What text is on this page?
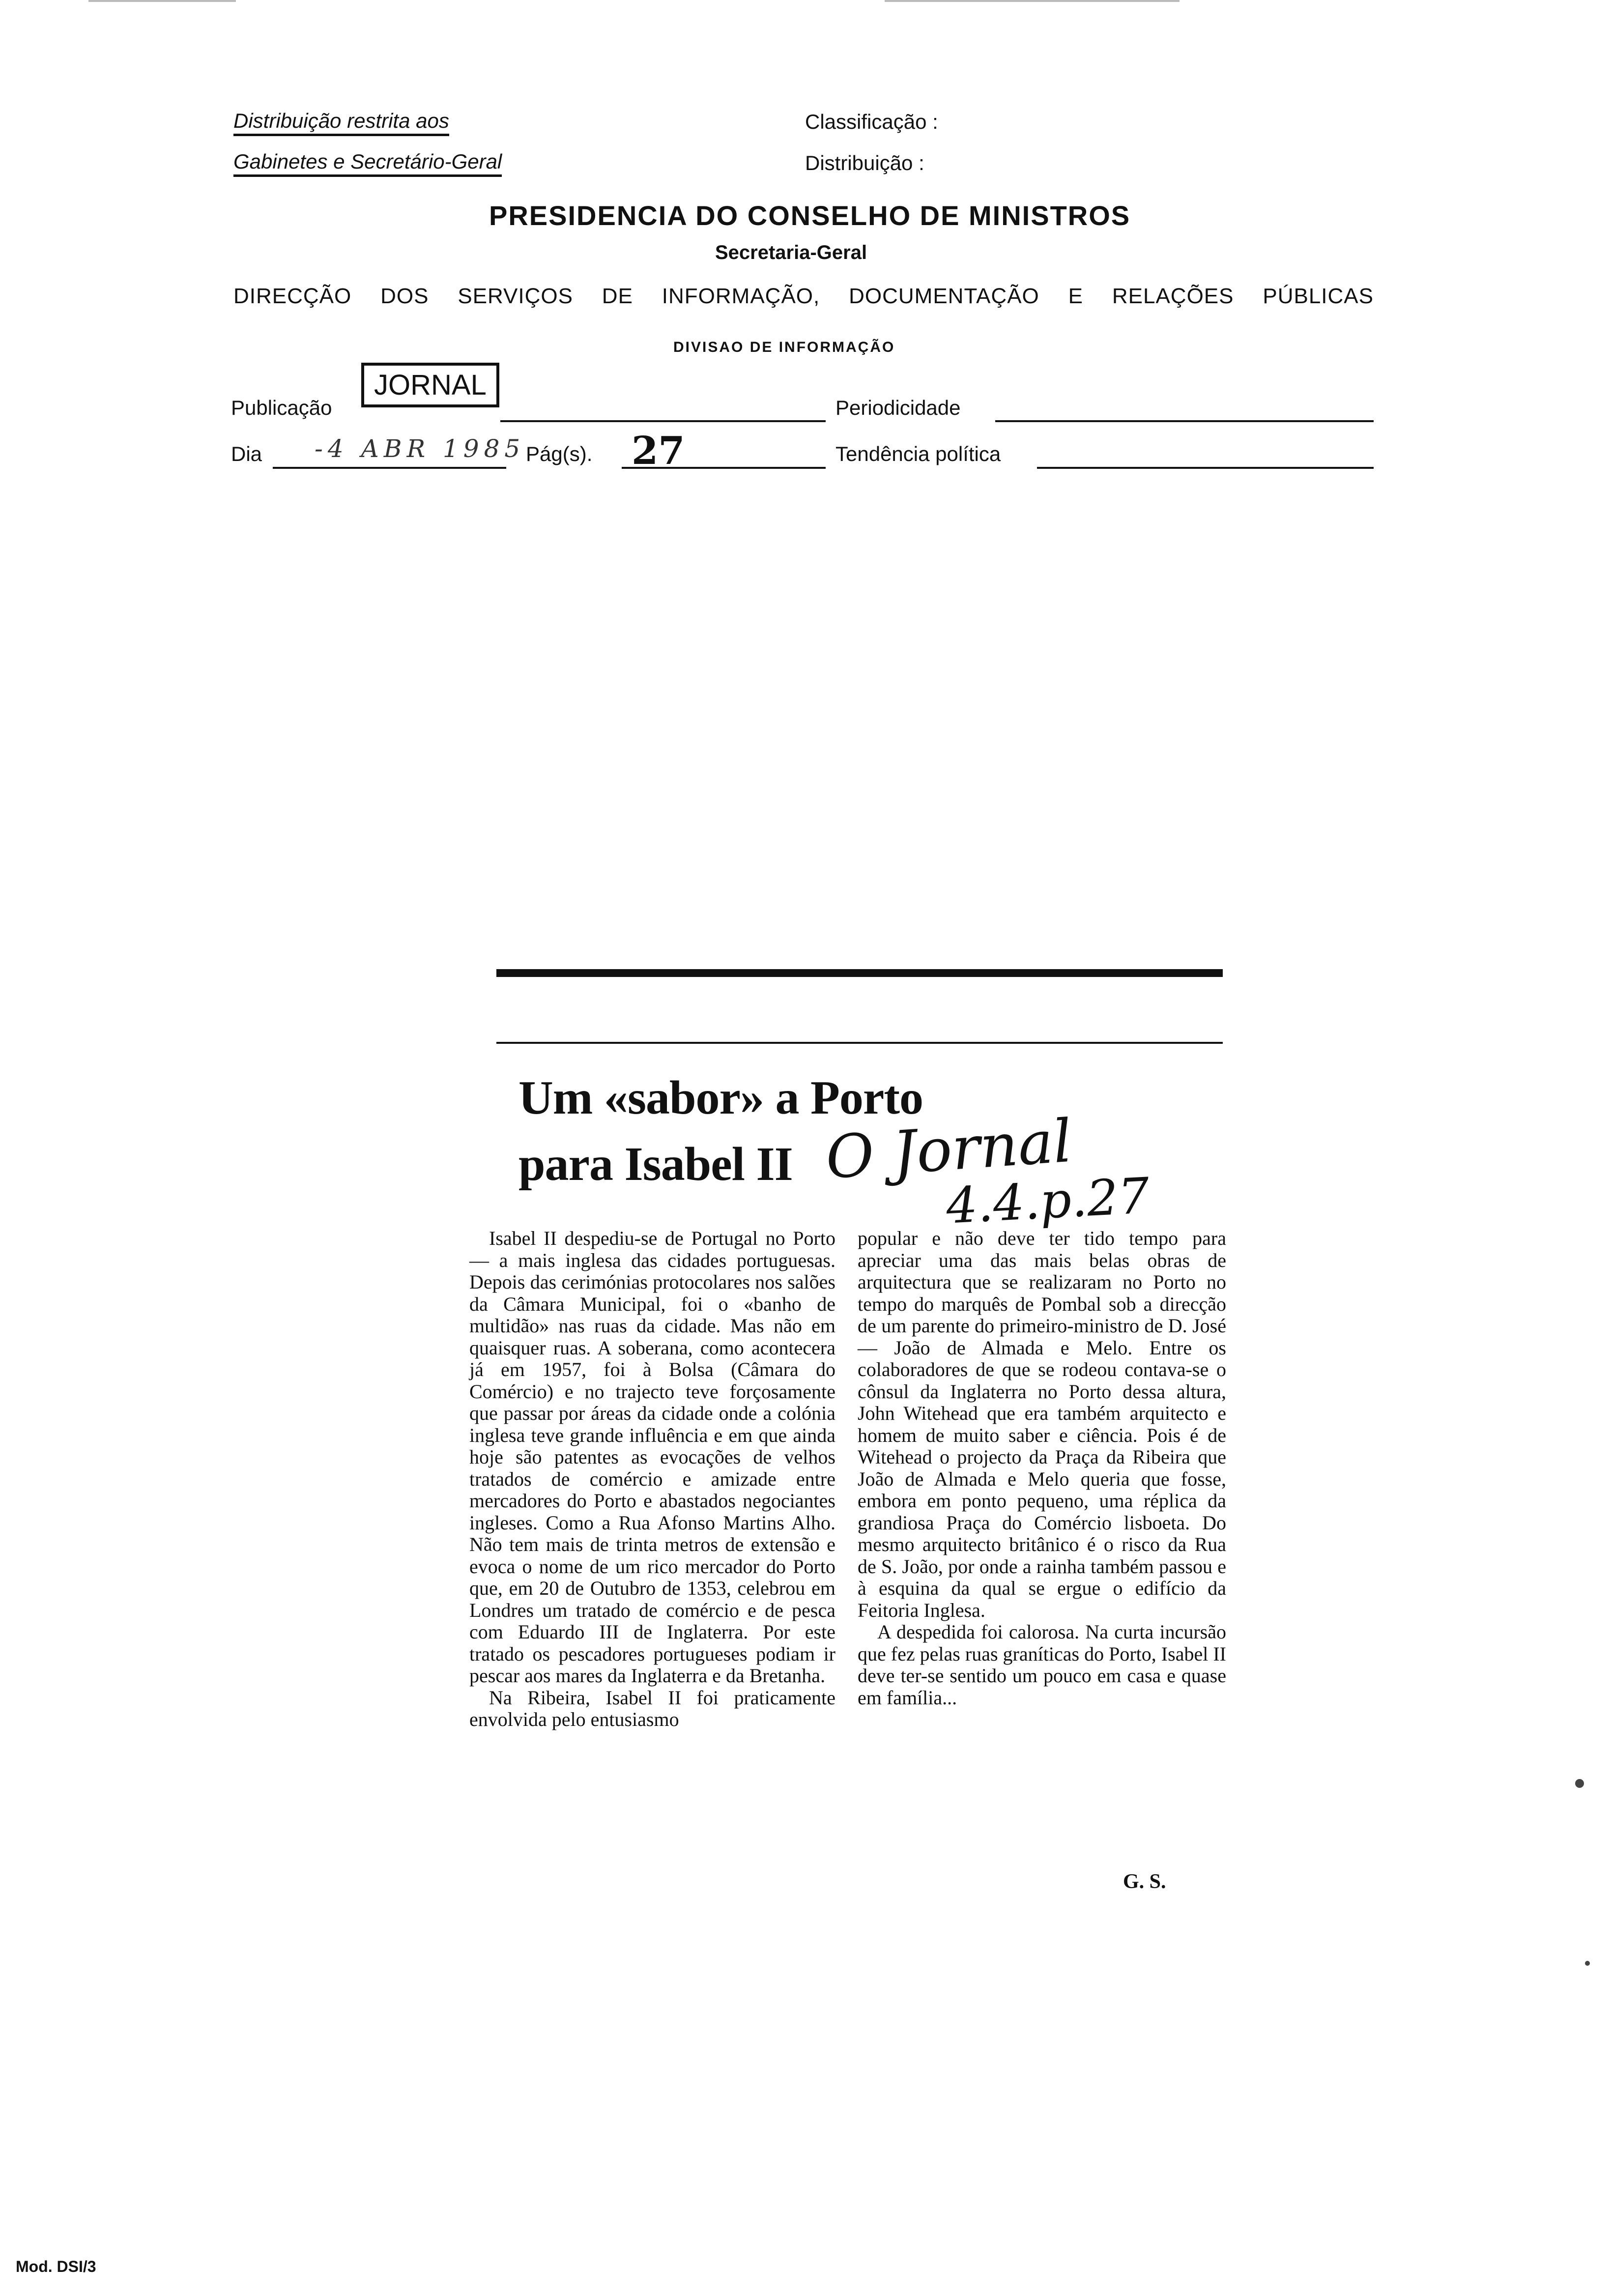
Distribuição restrita aos
Gabinetes e Secretário-Geral
Classificação :
Distribuição :
PRESIDENCIA DO CONSELHO DE MINISTROS
Secretaria-Geral
DIRECÇÃO DOS SERVIÇOS DE INFORMAÇÃO, DOCUMENTAÇÃO E RELAÇÕES PÚBLICAS
DIVISAO DE INFORMAÇÃO
Publicação
JORNAL
Periodicidade
Dia -4 ABR 1985 Pág(s). 27	Tendência política
Um «sabor» a Porto
para Isabel II O Jornal
4.4.p.27

Isabel II despediu-se de Portugal no Porto — a mais inglesa das cidades portuguesas. Depois das cerimónias protocolares nos salões da Câmara Municipal, foi o «banho de multidão» nas ruas da cidade. Mas não em quaisquer ruas. A soberana, como acontecera já em 1957, foi à Bolsa (Câmara do Comércio) e no trajecto teve forçosamente que passar por áreas da cidade onde a colónia inglesa teve grande influência e em que ainda hoje são patentes as evocações de velhos tratados de comércio e amizade entre mercadores do Porto e abastados negociantes ingleses. Como a Rua Afonso Martins Alho. Não tem mais de trinta metros de extensão e evoca o nome de um rico mercador do Porto que, em 20 de Outubro de 1353, celebrou em Londres um tratado de comércio e de pesca com Eduardo III de Inglaterra. Por este tratado os pescadores portugueses podiam ir pescar aos mares da Inglaterra e da Bretanha.

Na Ribeira, Isabel II foi praticamente envolvida pelo entusiasmo

popular e não deve ter tido tempo para apreciar uma das mais belas obras de arquitectura que se realizaram no Porto no tempo do marquês de Pombal sob a direcção de um parente do primeiro-ministro de D. José — João de Almada e Melo. Entre os colaboradores de que se rodeou contava-se o cônsul da Inglaterra no Porto dessa altura, John Witehead que era também arquitecto e homem de muito saber e ciência. Pois é de Witehead o projecto da Praça da Ribeira que João de Almada e Melo queria que fosse, embora em ponto pequeno, uma réplica da grandiosa Praça do Comércio lisboeta. Do mesmo arquitecto britânico é o risco da Rua de S. João, por onde a rainha também passou e à esquina da qual se ergue o edifício da Feitoria Inglesa.

A despedida foi calorosa. Na curta incursão que fez pelas ruas graníticas do Porto, Isabel II deve ter-se sentido um pouco em casa e quase em família...

G. S.
Mod. DSI/3
